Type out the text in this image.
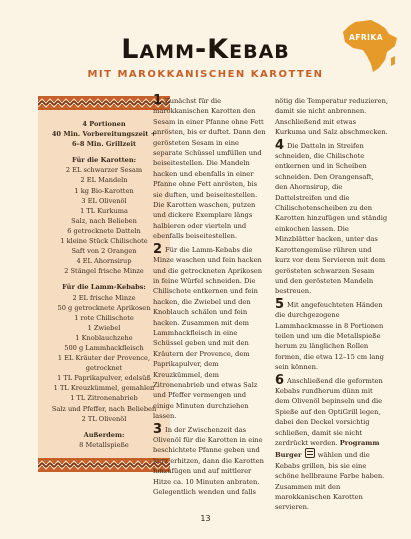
AFRIKA
Lamm-Kebab
MIT MAROKKANISCHEN KAROTTEN
4 Portionen
40 Min. Vorbereitungszeit +
6–8 Min. Grillzeit
Für die Karotten:
2 EL schwarzer Sesam
2 EL Mandeln
1 kg Bio-Karotten
3 EL Olivenöl
1 TL Kurkuma
Salz, nach Belieben
6 getrocknete Datteln
1 kleine Stück Chilischote
Saft von 2 Orangen
4 EL Ahornsirup
2 Stängel frische Minze
Für die Lamm-Kebabs:
2 EL frische Minze
50 g getrocknete Aprikosen
1 rote Chilischote
1 Zwiebel
1 Knoblauchzehe
500 g Lammhackfleisch
1 EL Kräuter der Provence,
getrocknet
1 TL Paprikapulver, edelsüß
1 TL Kreuzkümmel, gemahlen
1 TL Zitronenabrieb
Salz und Pfeffer, nach Belieben
2 TL Olivenöl
Außerdem:
8 Metallspieße

1 Zunächst für die marokkanischen Karotten den Sesam in einer Pfanne ohne Fett anrösten, bis er duftet. Dann den gerösteten Sesam in eine separate Schüssel umfüllen und beiseitestellen. Die Mandeln hacken und ebenfalls in einer Pfanne ohne Fett anrösten, bis sie duften, und beiseitestellen. Die Karotten waschen, putzen und dickere Exemplare längs halbieren oder vierteln und ebenfalls beiseitestellen.

2 Für die Lamm-Kebabs die Minze waschen und fein hacken und die getrockneten Aprikosen in feine Würfel schneiden. Die Chilischote entkernen und fein hacken, die Zwiebel und den Knoblauch schälen und fein hacken. Zusammen mit dem Lammhackfleisch in eine Schüssel geben und mit den Kräutern der Provence, dem Paprikapulver, dem Kreuzkümmel, dem Zitronenabrieb und etwas Salz und Pfeffer vermengen und einige Minuten durchziehen lassen.

3 In der Zwischenzeit das Olivenöl für die Karotten in eine beschichtete Pfanne geben und kurz erhitzen, dann die Karotten hinzufügen und auf mittlerer Hitze ca. 10 Minuten anbraten. Gelegentlich wenden und falls

nötig die Temperatur reduzieren, damit sie nicht anbrennen. Anschließend mit etwas Kurkuma und Salz abschmecken.

4 Die Datteln in Streifen schneiden, die Chilischote entkernen und in Scheiben schneiden. Den Orangensaft, den Ahornsirup, die Dattelstreifen und die Chilischotenscheiben zu den Karotten hinzufügen und ständig einkochen lassen. Die Minzblätter hacken, unter das Karottengemüse rühren und kurz vor dem Servieren mit dem gerösteten schwarzen Sesam und den gerösteten Mandeln bestreuen.

5 Mit angefeuchteten Händen die durchgezogene Lammhackmasse in 8 Portionen teilen und um die Metallspieße herum zu länglichen Rollen formen, die etwa 12–15 cm lang sein können.

6 Anschließend die geformten Kebabs rundherum dünn mit dem Olivenöl bepinseln und die Spieße auf den OptiGrill legen, dabei den Deckel vorsichtig schließen, damit sie nicht zerdrückt werden. Programm Burger wählen und die Kebabs grillen, bis sie eine schöne hellbraune Farbe haben. Zusammen mit den marokkanischen Karotten servieren.

13
